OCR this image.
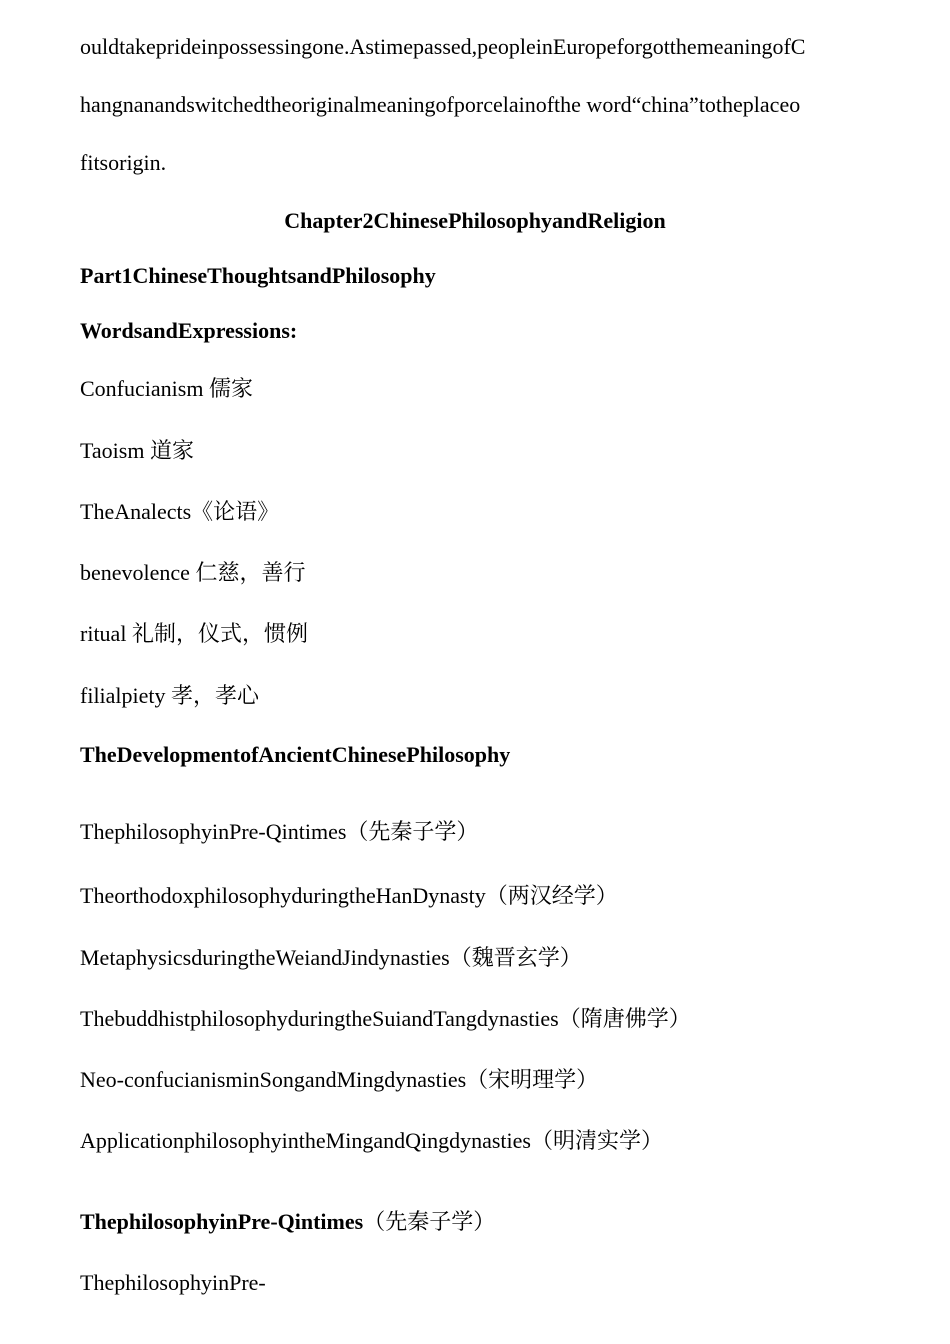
ouldtakeprideinpossessingone.Astimepassed,peopleinEuropeforgotthemeaningofC
hangnanandswitchedtheoriginalmeaningofporcelainofthe word“china”totheplaceo
fitsorigin.
Chapter2ChinesePhilosophyandReligion
Part1ChineseThoughtsandPhilosophy
WordsandExpressions:
Confucianism 儒家
Taoism 道家
TheAnalects《论语》
benevolence 仁慈，善行
ritual 礼制，仪式，惯例
filialpiety 孝，孝心
TheDevelopmentofAncientChinesePhilosophy
ThephilosophyinPre-Qintimes（先秦子学）
TheorthodoxphilosophyduringtheHanDynasty（两汉经学）
MetaphysicsduringtheWeiandJindynasties（魏晋玄学）
ThebuddhistphilosophyduringtheSuiandTangdynasties（隋唐佛学）
Neo-confucianisminSongandMingdynasties（宋明理学）
ApplicationphilosophyintheMingandQingdynasties（明清实学）
ThephilosophyinPre-Qintimes（先秦子学）
ThephilosophyinPre-
